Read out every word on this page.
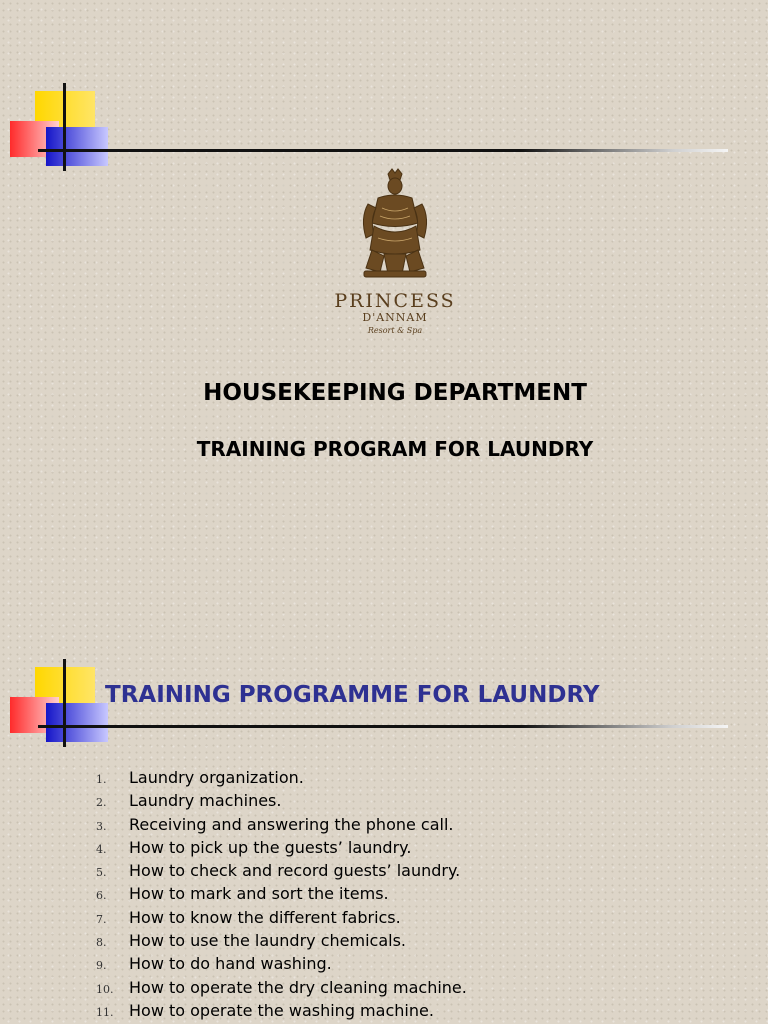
PRINCESS
D'ANNAM
Resort & Spa
HOUSEKEEPING DEPARTMENT
TRAINING PROGRAM FOR LAUNDRY
TRAINING PROGRAMME FOR LAUNDRY
1.	Laundry organization.
2.	Laundry machines.
3.	Receiving and answering the phone call.
4.	How to pick up the guests’ laundry.
5.	How to check and record guests’ laundry.
6.	How to mark and sort the items.
7.	How to know the different fabrics.
8.	How to use the laundry chemicals.
9.	How to do hand washing.
10. How to operate the dry cleaning machine.
11. How to operate the washing machine.
